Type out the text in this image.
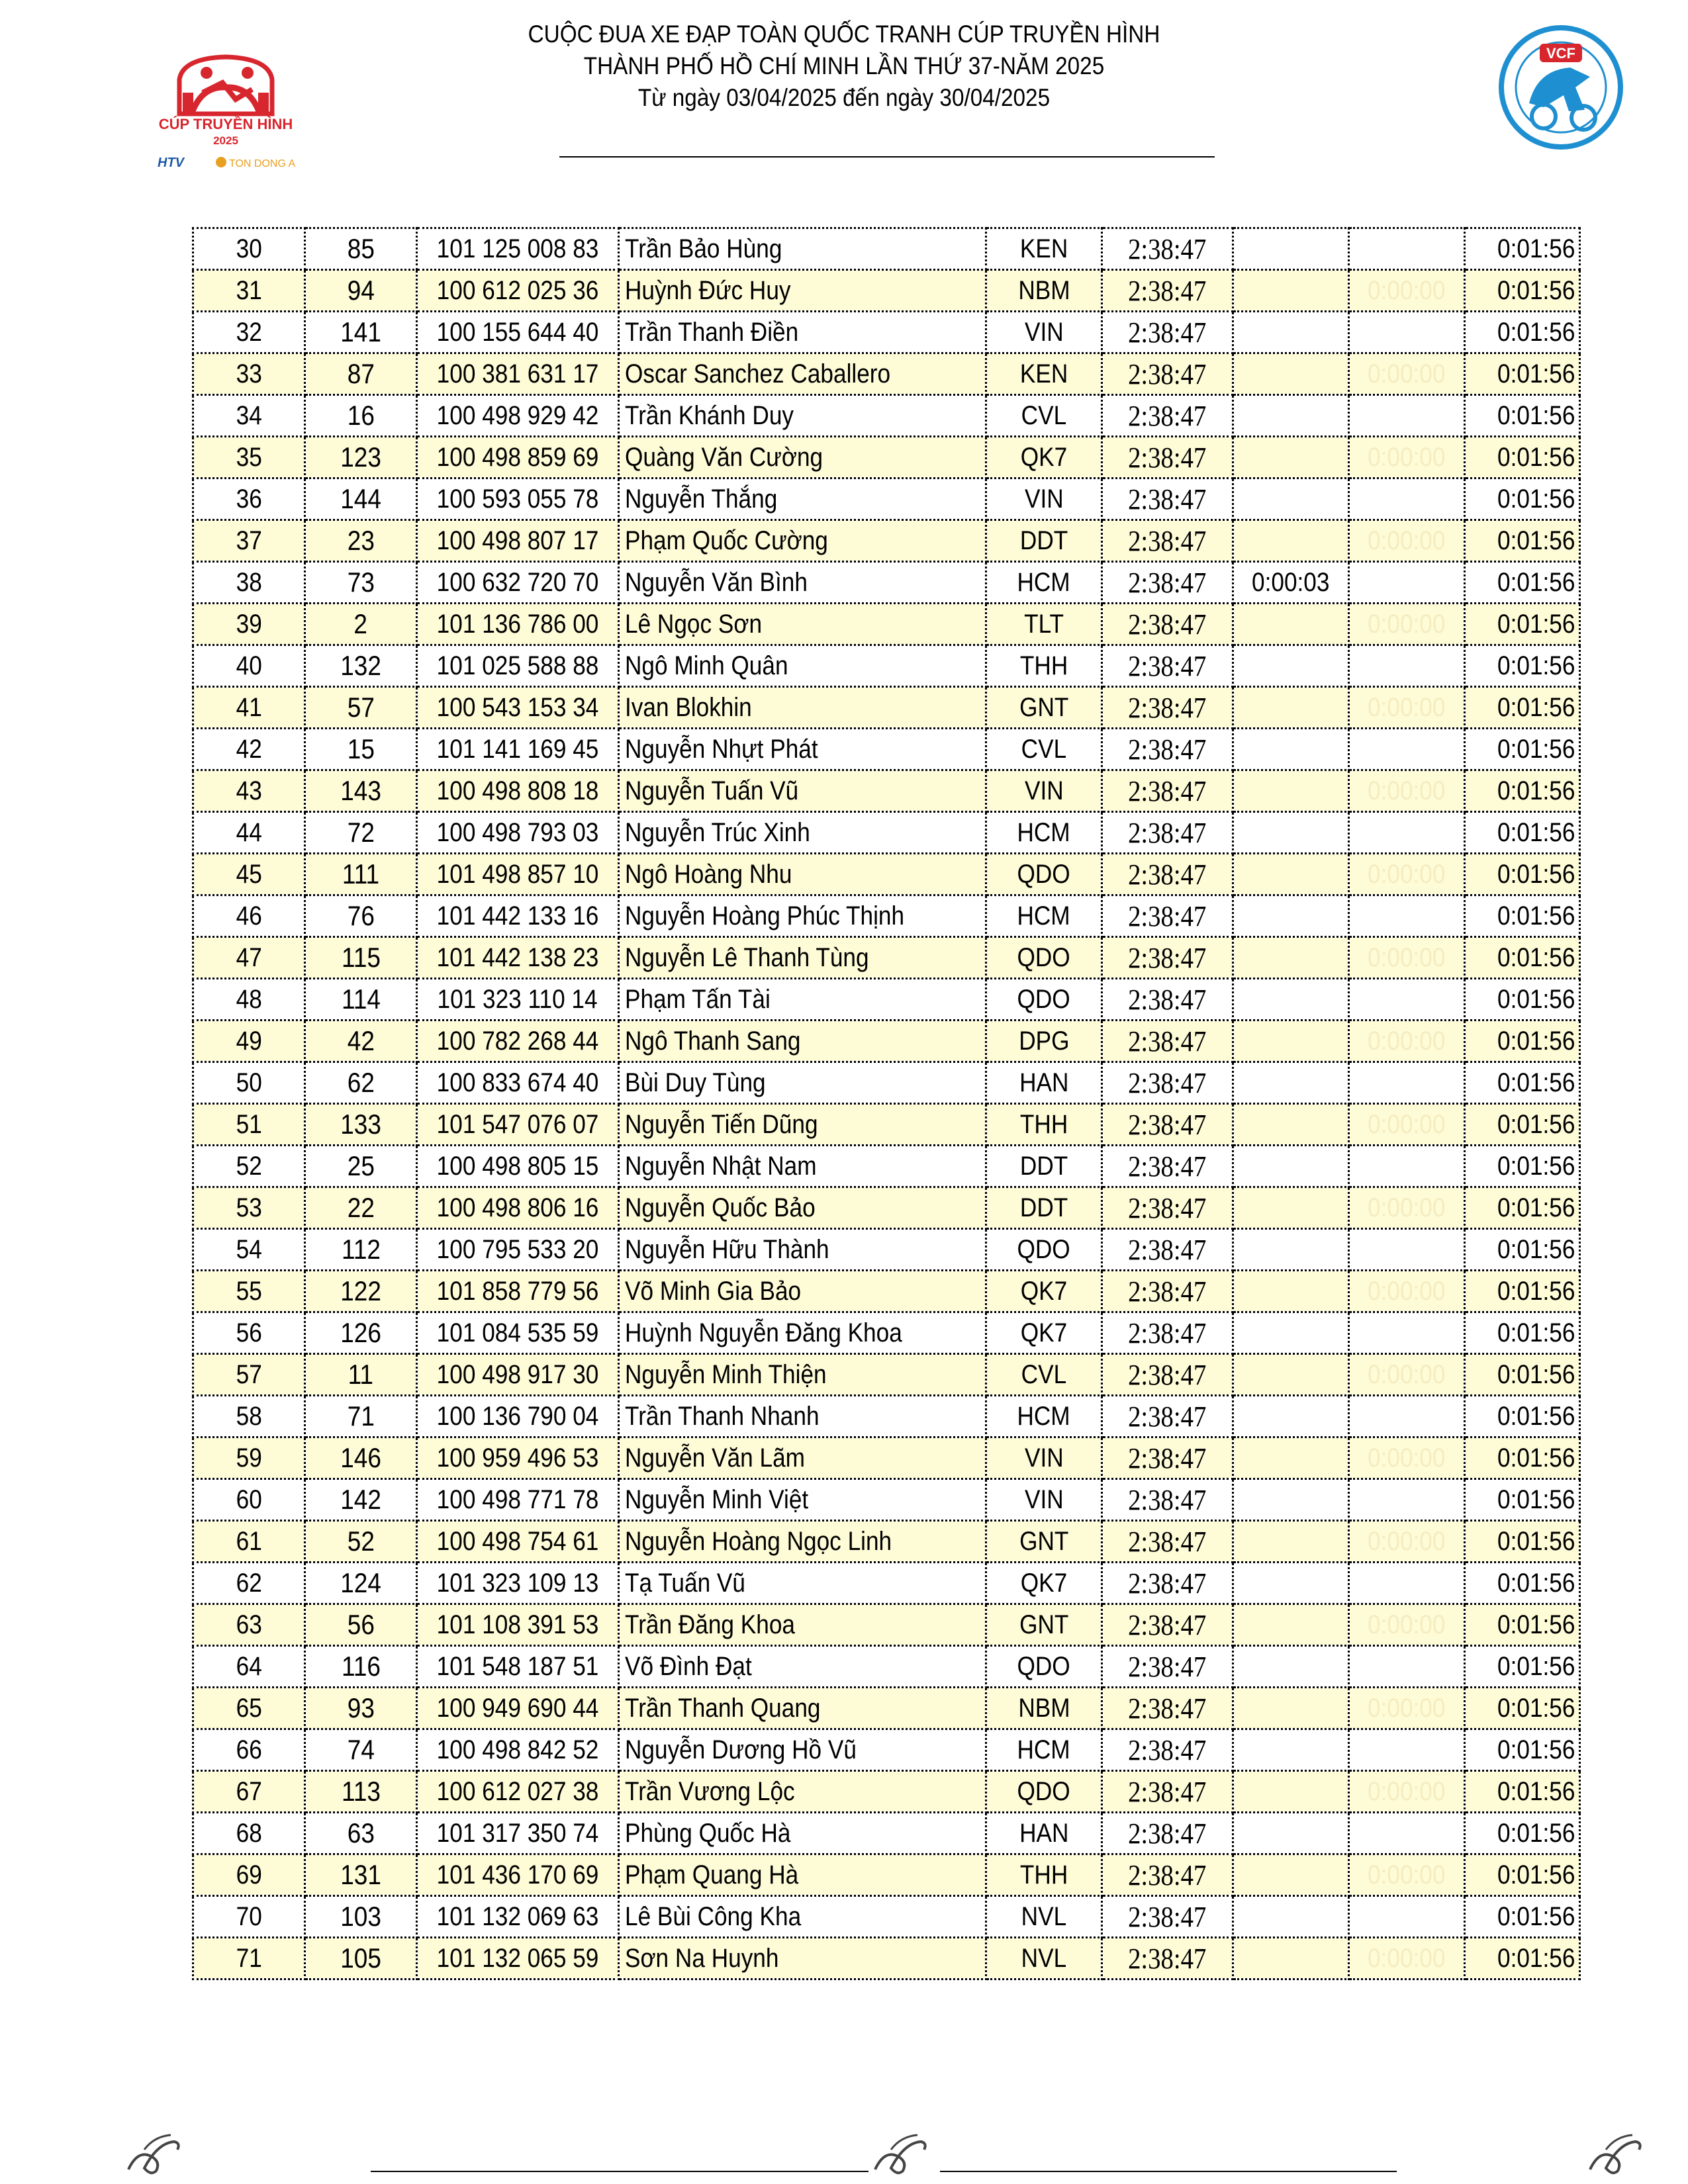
CUỘC ĐUA XE ĐẠP TOÀN QUỐC TRANH CÚP TRUYỀN HÌNH
THÀNH PHỐ HỒ CHÍ MINH LẦN THỨ 37-NĂM 2025
Từ ngày 03/04/2025 đến ngày 30/04/2025
CÚP TRUYỀN HÌNH
2025
HTV	TON DONG A
VCF
30	85	101 125 008 83	Trần Bảo Hùng	KEN	2:38:47			0:01:56
31	94	100 612 025 36	Huỳnh Đức Huy	NBM	2:38:47		0:00:00	0:01:56
32	141	100 155 644 40	Trần Thanh Điền	VIN	2:38:47			0:01:56
33	87	100 381 631 17	Oscar Sanchez Caballero	KEN	2:38:47		0:00:00	0:01:56
34	16	100 498 929 42	Trần Khánh Duy	CVL	2:38:47			0:01:56
35	123	100 498 859 69	Quàng Văn Cường	QK7	2:38:47		0:00:00	0:01:56
36	144	100 593 055 78	Nguyễn Thắng	VIN	2:38:47			0:01:56
37	23	100 498 807 17	Phạm Quốc Cường	DDT	2:38:47		0:00:00	0:01:56
38	73	100 632 720 70	Nguyễn Văn Bình	HCM	2:38:47	0:00:03		0:01:56
39	2	101 136 786 00	Lê Ngọc Sơn	TLT	2:38:47		0:00:00	0:01:56
40	132	101 025 588 88	Ngô Minh Quân	THH	2:38:47			0:01:56
41	57	100 543 153 34	Ivan Blokhin	GNT	2:38:47		0:00:00	0:01:56
42	15	101 141 169 45	Nguyễn Nhựt Phát	CVL	2:38:47			0:01:56
43	143	100 498 808 18	Nguyễn Tuấn Vũ	VIN	2:38:47		0:00:00	0:01:56
44	72	100 498 793 03	Nguyễn Trúc Xinh	HCM	2:38:47			0:01:56
45	111	101 498 857 10	Ngô Hoàng Nhu	QDO	2:38:47		0:00:00	0:01:56
46	76	101 442 133 16	Nguyễn Hoàng Phúc Thịnh	HCM	2:38:47			0:01:56
47	115	101 442 138 23	Nguyễn Lê Thanh Tùng	QDO	2:38:47		0:00:00	0:01:56
48	114	101 323 110 14	Phạm Tấn Tài	QDO	2:38:47			0:01:56
49	42	100 782 268 44	Ngô Thanh Sang	DPG	2:38:47		0:00:00	0:01:56
50	62	100 833 674 40	Bùi Duy Tùng	HAN	2:38:47			0:01:56
51	133	101 547 076 07	Nguyễn Tiến Dũng	THH	2:38:47		0:00:00	0:01:56
52	25	100 498 805 15	Nguyễn Nhật Nam	DDT	2:38:47			0:01:56
53	22	100 498 806 16	Nguyễn Quốc Bảo	DDT	2:38:47		0:00:00	0:01:56
54	112	100 795 533 20	Nguyễn Hữu Thành	QDO	2:38:47			0:01:56
55	122	101 858 779 56	Võ Minh Gia Bảo	QK7	2:38:47		0:00:00	0:01:56
56	126	101 084 535 59	Huỳnh Nguyễn Đăng Khoa	QK7	2:38:47			0:01:56
57	11	100 498 917 30	Nguyễn Minh Thiện	CVL	2:38:47		0:00:00	0:01:56
58	71	100 136 790 04	Trần Thanh Nhanh	HCM	2:38:47			0:01:56
59	146	100 959 496 53	Nguyễn Văn Lãm	VIN	2:38:47		0:00:00	0:01:56
60	142	100 498 771 78	Nguyễn Minh Việt	VIN	2:38:47			0:01:56
61	52	100 498 754 61	Nguyễn Hoàng Ngọc Linh	GNT	2:38:47		0:00:00	0:01:56
62	124	101 323 109 13	Tạ Tuấn Vũ	QK7	2:38:47			0:01:56
63	56	101 108 391 53	Trần Đăng Khoa	GNT	2:38:47		0:00:00	0:01:56
64	116	101 548 187 51	Võ Đình Đạt	QDO	2:38:47			0:01:56
65	93	100 949 690 44	Trần Thanh Quang	NBM	2:38:47		0:00:00	0:01:56
66	74	100 498 842 52	Nguyễn Dương Hồ Vũ	HCM	2:38:47			0:01:56
67	113	100 612 027 38	Trần Vương Lộc	QDO	2:38:47		0:00:00	0:01:56
68	63	101 317 350 74	Phùng Quốc Hà	HAN	2:38:47			0:01:56
69	131	101 436 170 69	Phạm Quang Hà	THH	2:38:47		0:00:00	0:01:56
70	103	101 132 069 63	Lê Bùi Công Kha	NVL	2:38:47			0:01:56
71	105	101 132 065 59	Sơn Na Huynh	NVL	2:38:47		0:00:00	0:01:56
